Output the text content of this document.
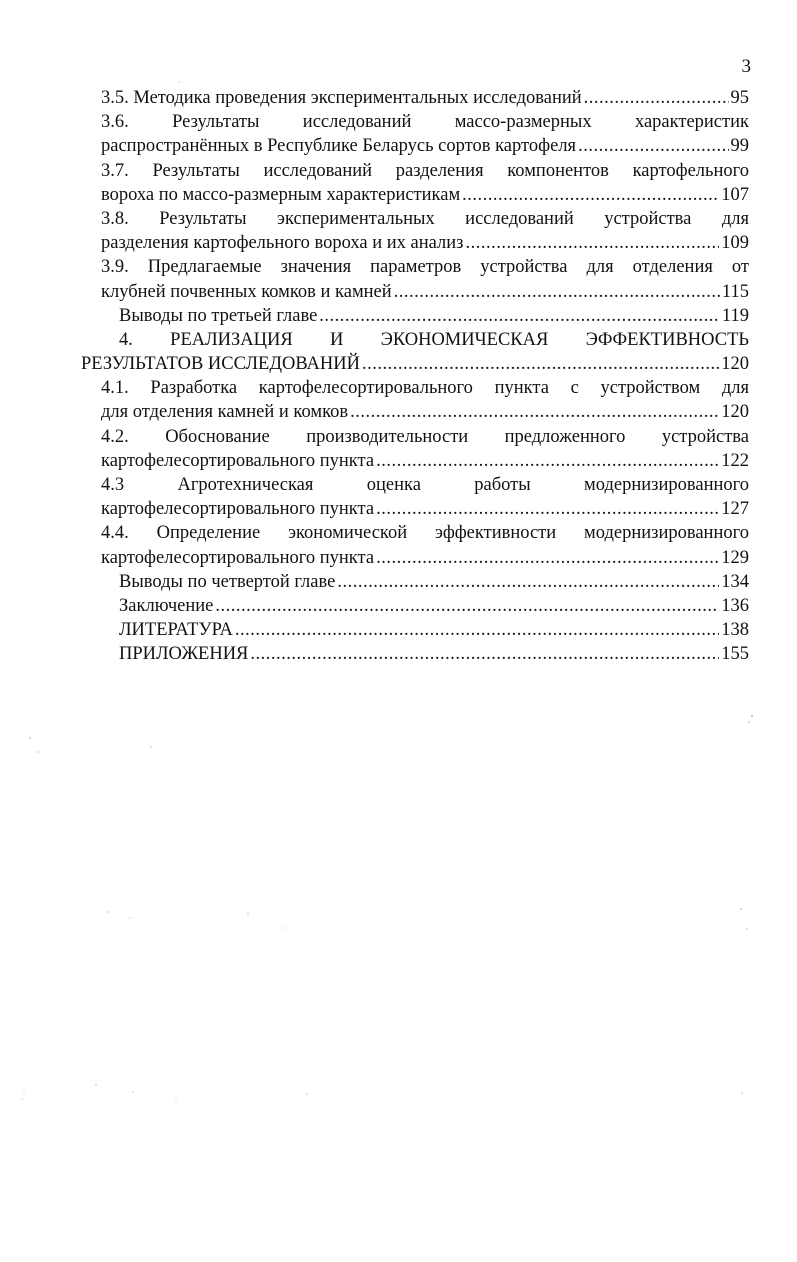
3
3.5. Методика проведения экспериментальных исследований .....	95
3.6. Результаты исследований массо-размерных характеристик
распространённых в Республике Беларусь сортов картофеля .....	99
3.7. Результаты исследований разделения компонентов картофельного
вороха по массо-размерным характеристикам .....	107
3.8. Результаты экспериментальных исследований устройства для
разделения картофельного вороха и их анализ .....	109
3.9. Предлагаемые значения параметров устройства для отделения от
клубней почвенных комков и камней .....	115
Выводы по третьей главе .....	119
4. РЕАЛИЗАЦИЯ И ЭКОНОМИЧЕСКАЯ ЭФФЕКТИВНОСТЬ
РЕЗУЛЬТАТОВ ИССЛЕДОВАНИЙ .....	120
4.1. Разработка картофелесортировального пункта с устройством для
для отделения камней и комков .....	120
4.2. Обоснование производительности предложенного устройства
картофелесортировального пункта .....	122
4.3 Агротехническая оценка работы модернизированного
картофелесортировального пункта .....	127
4.4. Определение экономической эффективности модернизированного
картофелесортировального пункта .....	129
Выводы по четвертой главе .....	134
Заключение .....	136
ЛИТЕРАТУРА .....	138
ПРИЛОЖЕНИЯ .....	155
